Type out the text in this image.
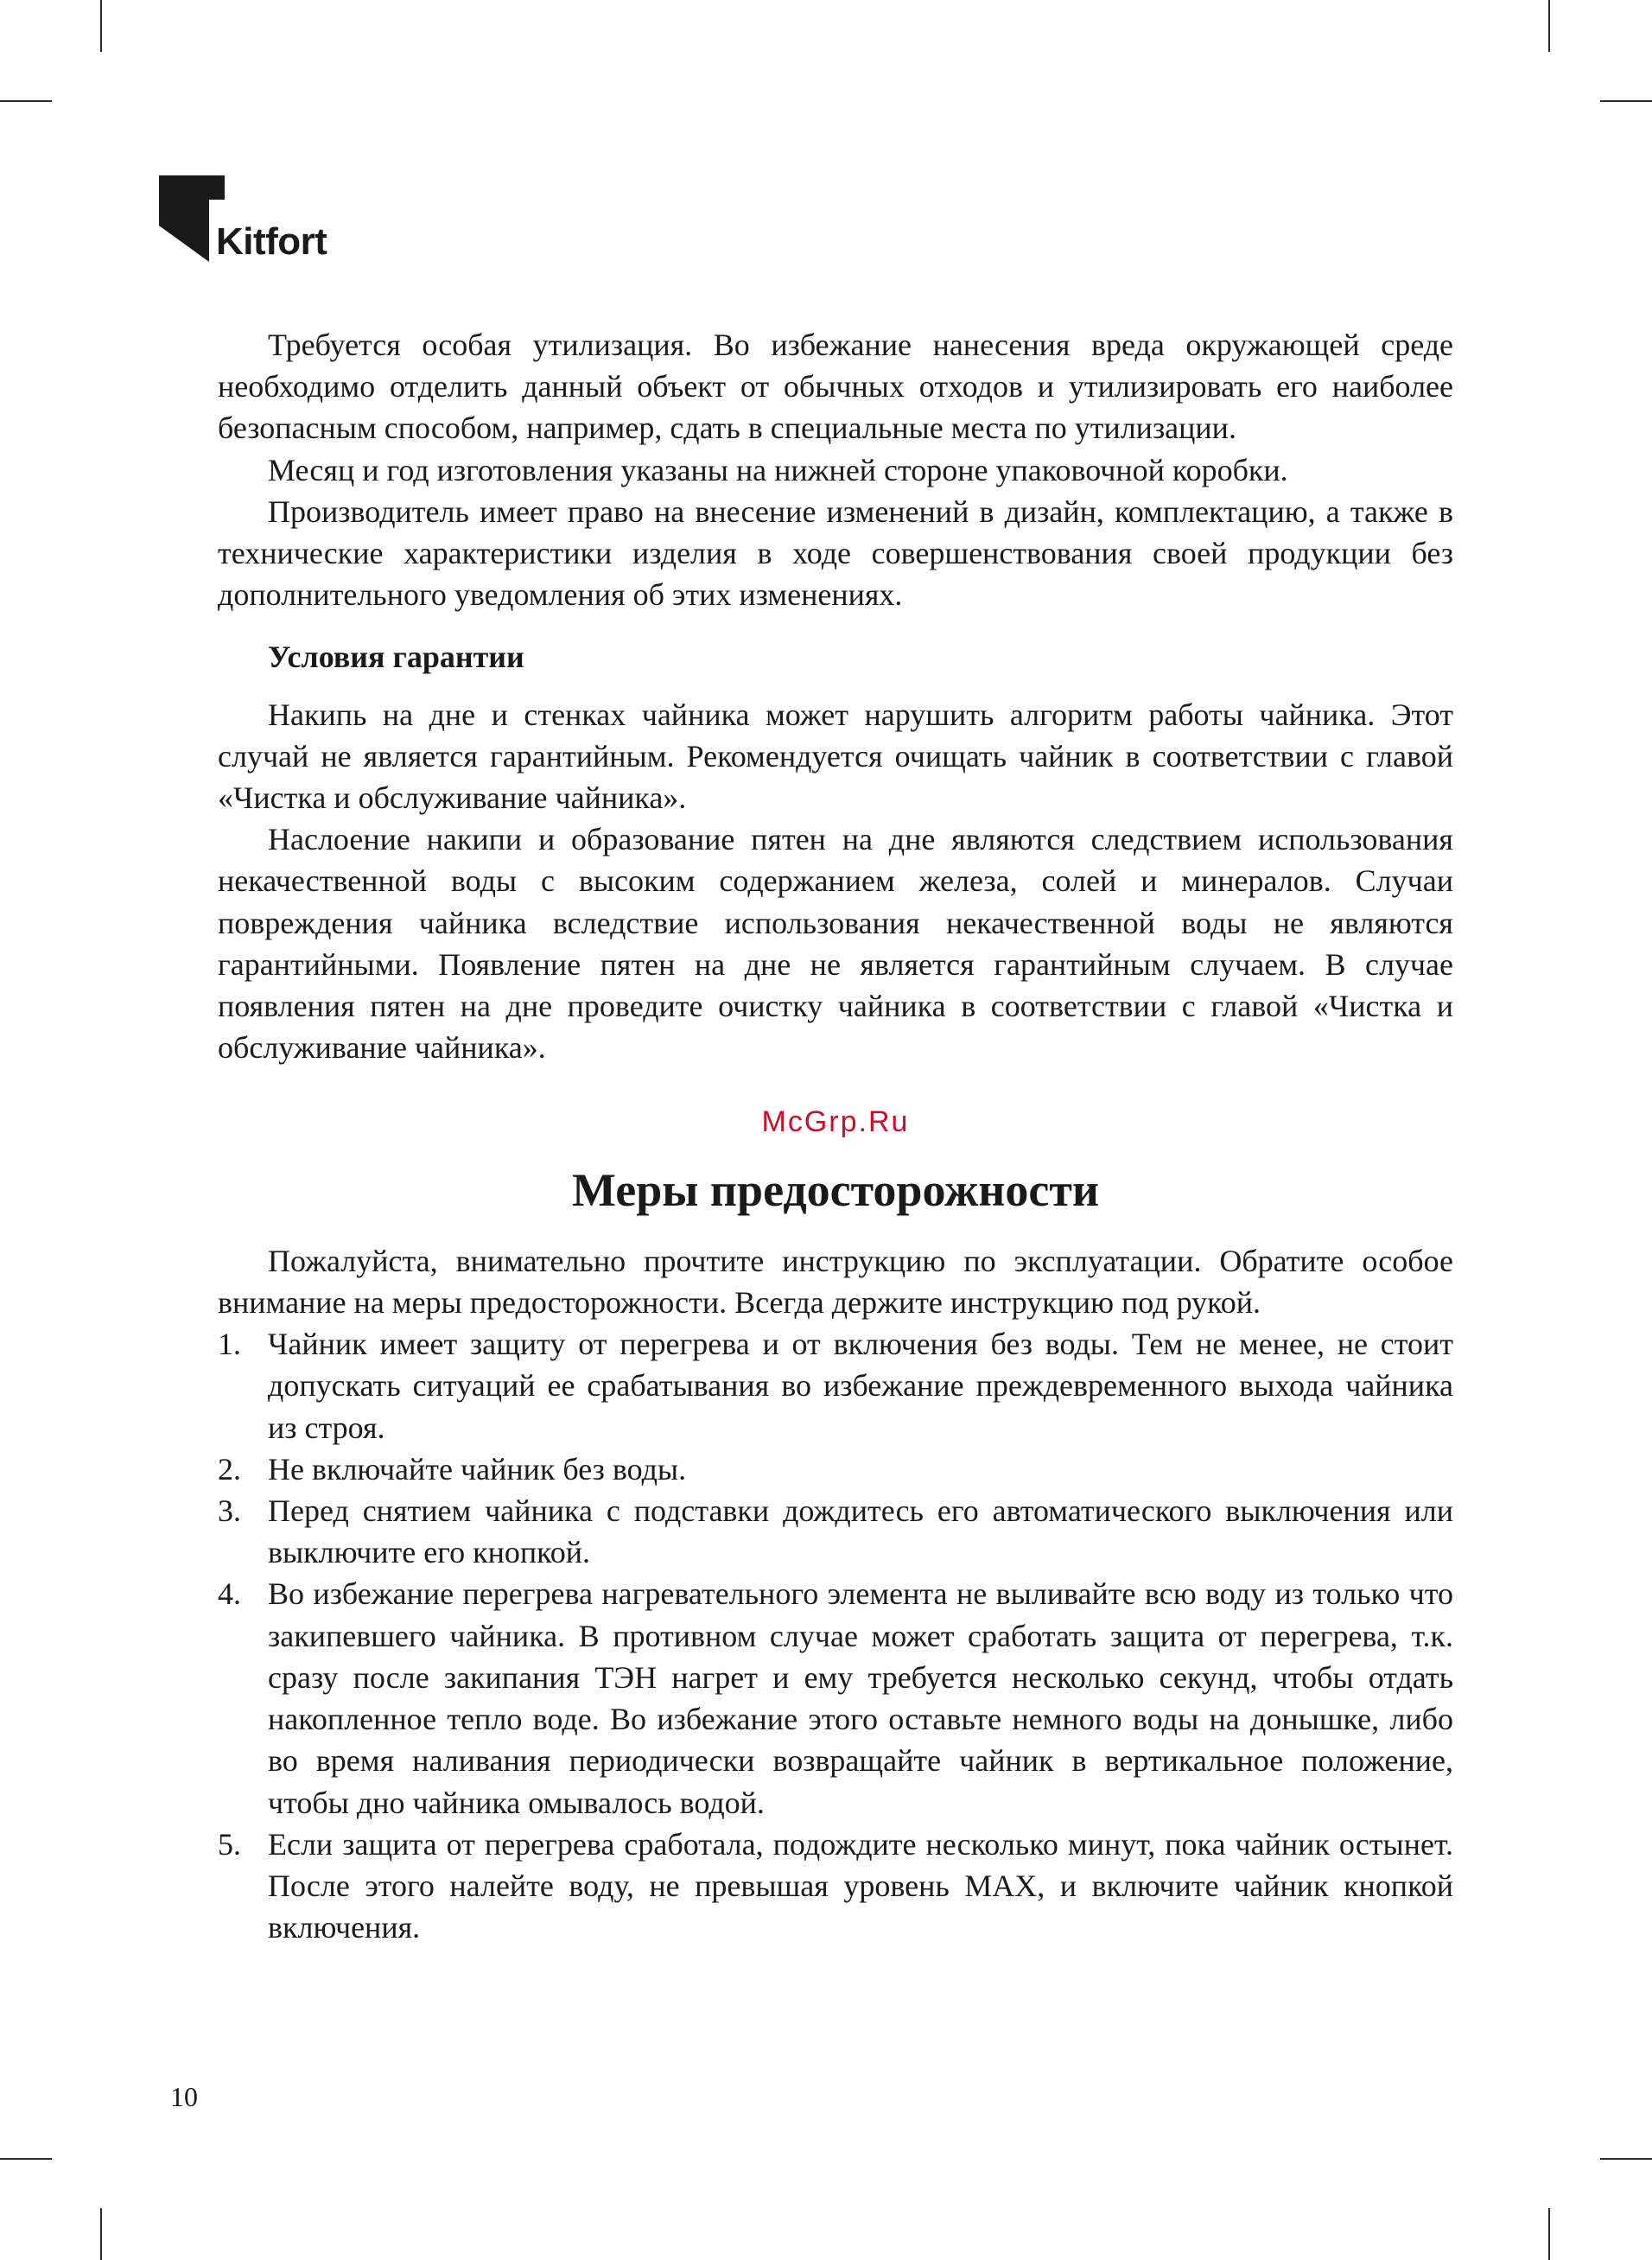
Kitfort

Требуется особая утилизация. Во избежание нанесения вреда окружающей среде необходимо отделить данный объект от обычных отходов и утилизировать его наиболее безопасным способом, например, сдать в специальные места по утилизации.

Месяц и год изготовления указаны на нижней стороне упаковочной коробки.

Производитель имеет право на внесение изменений в дизайн, комплектацию, а также в технические характеристики изделия в ходе совершенствования своей продукции без дополнительного уведомления об этих изменениях.

Условия гарантии

Накипь на дне и стенках чайника может нарушить алгоритм работы чайника. Этот случай не является гарантийным. Рекомендуется очищать чайник в соответствии с главой «Чистка и обслуживание чайника».

Наслоение накипи и образование пятен на дне являются следствием использования некачественной воды с высоким содержанием железа, солей и минералов. Случаи повреждения чайника вследствие использования некачественной воды не являются гарантийными. Появление пятен на дне не является гарантийным случаем. В случае появления пятен на дне проведите очистку чайника в соответствии с главой «Чистка и обслуживание чайника».

McGrp.Ru
Меры предосторожности

Пожалуйста, внимательно прочтите инструкцию по эксплуатации. Обратите особое внимание на меры предосторожности. Всегда держите инструкцию под рукой.

1. Чайник имеет защиту от перегрева и от включения без воды. Тем не менее, не стоит допускать ситуаций ее срабатывания во избежание преждевременного выхода чайника из строя.
2. Не включайте чайник без воды.
3. Перед снятием чайника с подставки дождитесь его автоматического выключения или выключите его кнопкой.
4. Во избежание перегрева нагревательного элемента не выливайте всю воду из только что закипевшего чайника. В противном случае может сработать защита от перегрева, т.к. сразу после закипания ТЭН нагрет и ему требуется несколько секунд, чтобы отдать накопленное тепло воде. Во избежание этого оставьте немного воды на донышке, либо во время наливания периодически возвращайте чайник в вертикальное положение, чтобы дно чайника омывалось водой.
5. Если защита от перегрева сработала, подождите несколько минут, пока чайник остынет. После этого налейте воду, не превышая уровень MAX, и включите чайник кнопкой включения.
10
